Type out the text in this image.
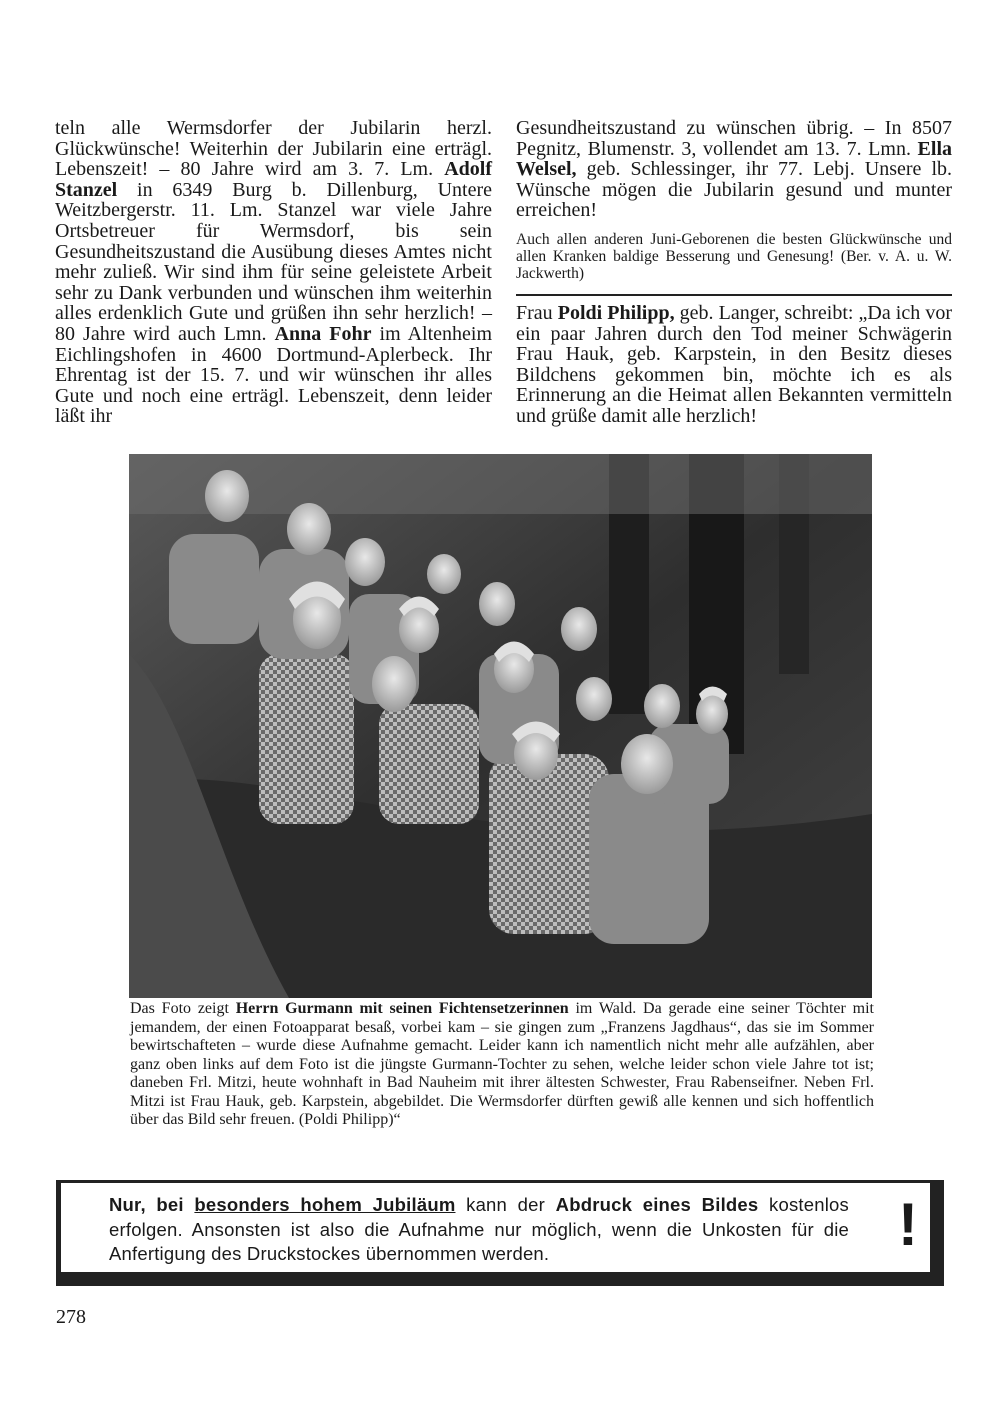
teln alle Wermsdorfer der Jubilarin herzl. Glückwünsche! Weiterhin der Jubilarin eine erträgl. Lebenszeit! – 80 Jahre wird am 3. 7. Lm. Adolf Stanzel in 6349 Burg b. Dillenburg, Untere Weitzbergerstr. 11. Lm. Stanzel war viele Jahre Ortsbetreuer für Wermsdorf, bis sein Gesundheitszustand die Ausübung dieses Amtes nicht mehr zuließ. Wir sind ihm für seine geleistete Arbeit sehr zu Dank verbunden und wünschen ihm weiterhin alles erdenklich Gute und grüßen ihn sehr herzlich! – 80 Jahre wird auch Lmn. Anna Fohr im Altenheim Eichlingshofen in 4600 Dortmund-Aplerbeck. Ihr Ehrentag ist der 15. 7. und wir wünschen ihr alles Gute und noch eine erträgl. Lebenszeit, denn leider läßt ihr

Gesundheitszustand zu wünschen übrig. – In 8507 Pegnitz, Blumenstr. 3, vollendet am 13. 7. Lmn. Ella Welsel, geb. Schlessinger, ihr 77. Lebj. Unsere lb. Wünsche mögen die Jubilarin gesund und munter erreichen!

Auch allen anderen Juni-Geborenen die besten Glückwünsche und allen Kranken baldige Besserung und Genesung! (Ber. v. A. u. W. Jackwerth)

Frau Poldi Philipp, geb. Langer, schreibt: „Da ich vor ein paar Jahren durch den Tod meiner Schwägerin Frau Hauk, geb. Karpstein, in den Besitz dieses Bildchens gekommen bin, möchte ich es als Erinnerung an die Heimat allen Bekannten vermitteln und grüße damit alle herzlich!

Das Foto zeigt Herrn Gurmann mit seinen Fichtensetzerinnen im Wald. Da gerade eine seiner Töchter mit jemandem, der einen Fotoapparat besaß, vorbei kam – sie gingen zum „Franzens Jagdhaus“, das sie im Sommer bewirtschafteten – wurde diese Aufnahme gemacht. Leider kann ich namentlich nicht mehr alle aufzählen, aber ganz oben links auf dem Foto ist die jüngste Gurmann-Tochter zu sehen, welche leider schon viele Jahre tot ist; daneben Frl. Mitzi, heute wohnhaft in Bad Nauheim mit ihrer ältesten Schwester, Frau Rabenseifner. Neben Frl. Mitzi ist Frau Hauk, geb. Karpstein, abgebildet. Die Wermsdorfer dürften gewiß alle kennen und sich hoffentlich über das Bild sehr freuen. (Poldi Philipp)“
Nur, bei besonders hohem Jubiläum kann der Abdruck eines Bildes kostenlos erfolgen. Ansonsten ist also die Aufnahme nur möglich, wenn die Unkosten für die Anfertigung des Druckstockes übernommen werden.	!
278
